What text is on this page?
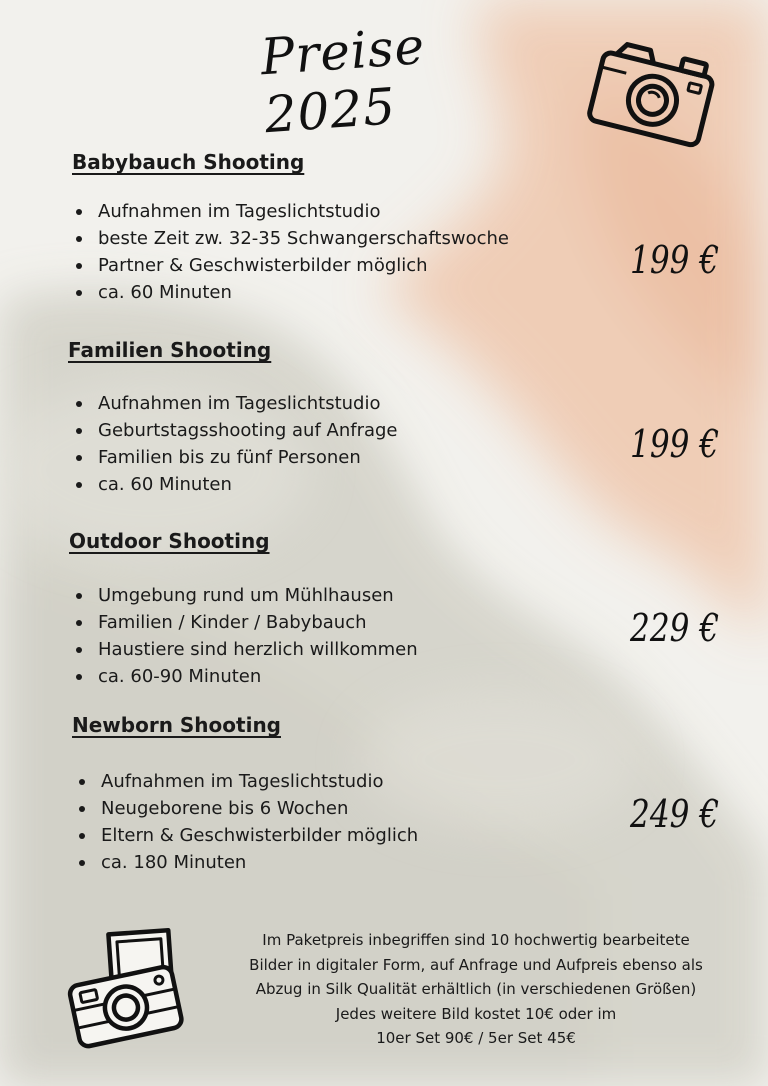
Preise 2025
Babybauch Shooting
Aufnahmen im Tageslichtstudio
beste Zeit zw. 32-35 Schwangerschaftswoche
Partner & Geschwisterbilder möglich
ca. 60 Minuten
199 €
Familien Shooting
Aufnahmen im Tageslichtstudio
Geburtstagsshooting auf Anfrage
Familien bis zu fünf Personen
ca. 60 Minuten
199 €
Outdoor Shooting
Umgebung rund um Mühlhausen
Familien / Kinder / Babybauch
Haustiere sind herzlich willkommen
ca. 60-90 Minuten
229 €
Newborn Shooting
Aufnahmen im Tageslichtstudio
Neugeborene bis 6 Wochen
Eltern & Geschwisterbilder möglich
ca. 180 Minuten
249 €

Im Paketpreis inbegriffen sind 10 hochwertig bearbeitete

Bilder in digitaler Form, auf Anfrage und Aufpreis ebenso als

Abzug in Silk Qualität erhältlich (in verschiedenen Größen)

Jedes weitere Bild kostet 10€ oder im

10er Set 90€ / 5er Set 45€
